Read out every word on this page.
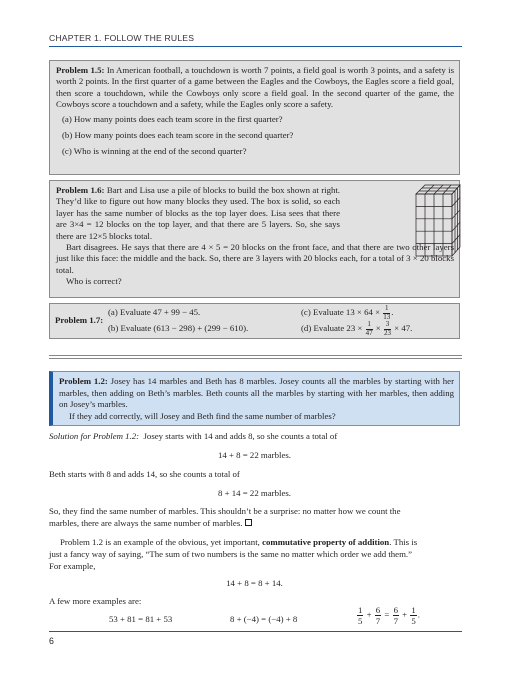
CHAPTER 1. FOLLOW THE RULES
Problem 1.5: In American football, a touchdown is worth 7 points, a field goal is worth 3 points, and a safety is worth 2 points. In the first quarter of a game between the Eagles and the Cowboys, the Eagles score a field goal, then score a touchdown, while the Cowboys only score a field goal. In the second quarter of the game, the Cowboys score a touchdown and a safety, while the Eagles only score a safety.
(a) How many points does each team score in the first quarter?
(b) How many points does each team score in the second quarter?
(c) Who is winning at the end of the second quarter?
Problem 1.6: Bart and Lisa use a pile of blocks to build the box shown at right. They’d like to figure out how many blocks they used. The box is solid, so each layer has the same number of blocks as the top layer does. Lisa sees that there are 3×4 = 12 blocks on the top layer, and that there are 5 layers. So, she says there are 12×5 blocks total.
Bart disagrees. He says that there are 4 × 5 = 20 blocks on the front face, and that there are two other layers just like this face: the middle and the back. So, there are 3 layers with 20 blocks each, for a total of 3 × 20 blocks total.
Who is correct?
Problem 1.7:
(a) Evaluate 47 + 99 − 45.
(b) Evaluate (613 − 298) + (299 − 610).
(c) Evaluate $13 \times 64 \times \frac{1}{13}$ .
(d) Evaluate $23 \times \frac{1}{47} \times \frac{3}{23} \times 47$.
Problem 1.2: Josey has 14 marbles and Beth has 8 marbles. Josey counts all the marbles by starting with her marbles, then adding on Beth’s marbles. Beth counts all the marbles by starting with her marbles, then adding on Josey’s marbles.
If they add correctly, will Josey and Beth find the same number of marbles?
Solution for Problem 1.2: Josey starts with 14 and adds 8, so she counts a total of
14 + 8 = 22 marbles.
Beth starts with 8 and adds 14, so she counts a total of
8 + 14 = 22 marbles.
So, they find the same number of marbles. This shouldn’t be a surprise: no matter how we count the
marbles, there are always the same number of marbles.
Problem 1.2 is an example of the obvious, yet important, commutative property of addition. This is
just a fancy way of saying, “The sum of two numbers is the same no matter which order we add them.”
For example,
14 + 8 = 8 + 14.
A few more examples are:
53 + 81 = 81 + 53	8 + (−4) = (−4) + 8	$\frac{1}{5} + \frac{6}{7} = \frac{6}{7} + \frac{1}{5}$ .
6
